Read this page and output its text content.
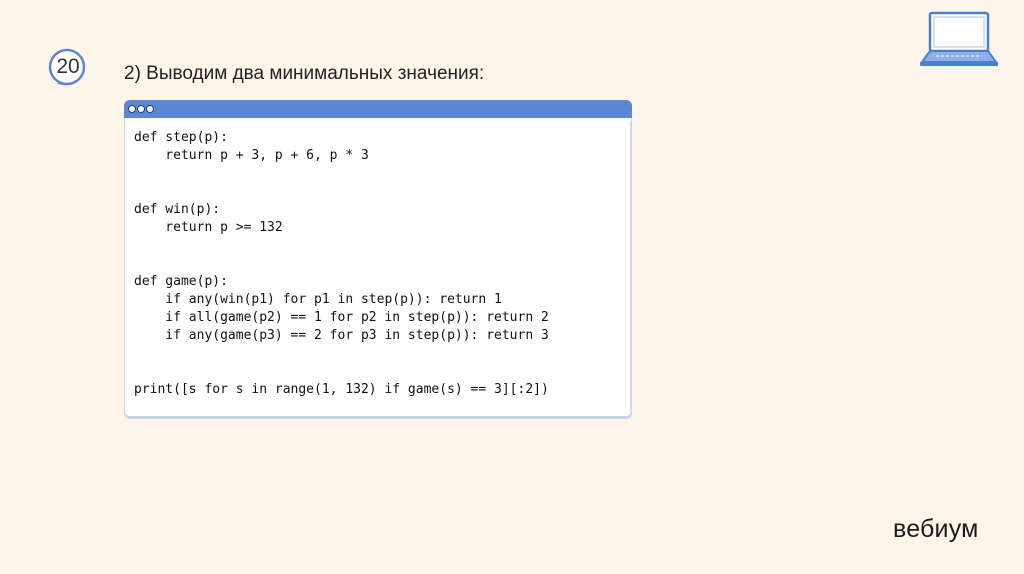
20	2) Выводим два минимальных значения:
def step(p):
return p + 3, p + 6, p * 3
def win(p):
return p >= 132
def game(p):
if any(win(p1) for p1 in step(p)): return 1
if all(game(p2) == 1 for p2 in step(p)): return 2
if any(game(p3) == 2 for p3 in step(p)): return 3
print([s for s in range(1, 132) if game(s) == 3][:2])
вебиум
